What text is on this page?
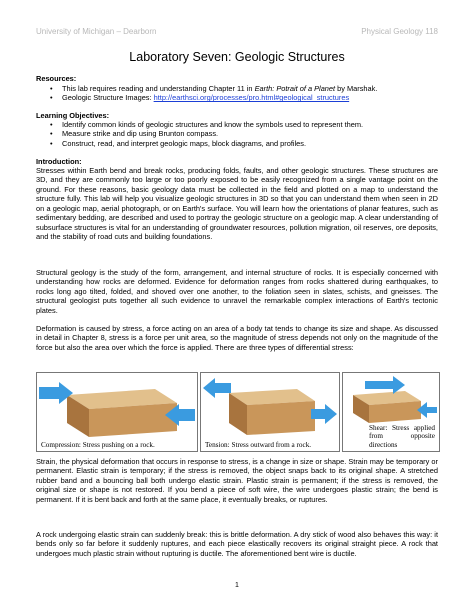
University of Michigan – Dearborn	Physical Geology 118
Laboratory Seven: Geologic Structures
Resources:
• This lab requires reading and understanding Chapter 11 in Earth: Potrait of a Planet by Marshak.
• Geologic Structure Images: http://earthsci.org/processes/pro.html#geological_structures
Learning Objectives:
• Identify common kinds of geologic structures and know the symbols used to represent them.
• Measure strike and dip using Brunton compass.
• Construct, read, and interpret geologic maps, block diagrams, and profiles.
Introduction:

Stresses within Earth bend and break rocks, producing folds, faults, and other geologic structures. These structures are 3D, and they are commonly too large or too poorly exposed to be easily recognized from a single vantage point on the ground. For these reasons, basic geology data must be collected in the field and plotted on a map to understand the structure fully. This lab will help you visualize geologic structures in 3D so that you can understand them when seen in 2D on a geologic map, aerial photograph, or on Earth's surface. You will learn how the orientations of planar features, such as sedimentary bedding, are described and used to portray the geologic structure on a geologic map. A clear understanding of subsurface structures is vital for an understanding of groundwater resources, pollution migration, oil reserves, ore deposits, and the stability of road cuts and building foundations.

Structural geology is the study of the form, arrangement, and internal structure of rocks. It is especially concerned with understanding how rocks are deformed. Evidence for deformation ranges from rocks shattered during earthquakes, to rocks long ago tilted, folded, and shoved over one another, to the foliation seen in slates, schists, and gneisses. The structural geologist puts together all such evidence to unravel the remarkable complex interactions of Earth's tectonic plates.

Deformation is caused by stress, a force acting on an area of a body tat tends to change its size and shape. As discussed in detail in Chapter 8, stress is a force per unit area, so the magnitude of stress depends not only on the magnitude of the force but also the area over which the force is applied. There are three types of differential stress:

Compression: Stress pushing on a rock.	Tension: Stress outward from a rock.
Shear: Stress applied from opposite directions

Strain, the physical deformation that occurs in response to stress, is a change in size or shape. Strain may be temporary or permanent. Elastic strain is temporary; if the stress is removed, the object snaps back to its original shape. A stretched rubber band and a bouncing ball both undergo elastic strain. Plastic strain is permanent; if the stress is removed, the original size or shape is not restored. If you bend a piece of soft wire, the wire undergoes plastic strain; the bend is permanent. If it is bent back and forth at the same place, it eventually breaks, or ruptures.

A rock undergoing elastic strain can suddenly break: this is brittle deformation. A dry stick of wood also behaves this way: it bends only so far before it suddenly ruptures, and each piece elastically recovers its original straight piece. A rock that undergoes much plastic strain without rupturing is ductile. The aforementioned bent wire is ductile.

1
